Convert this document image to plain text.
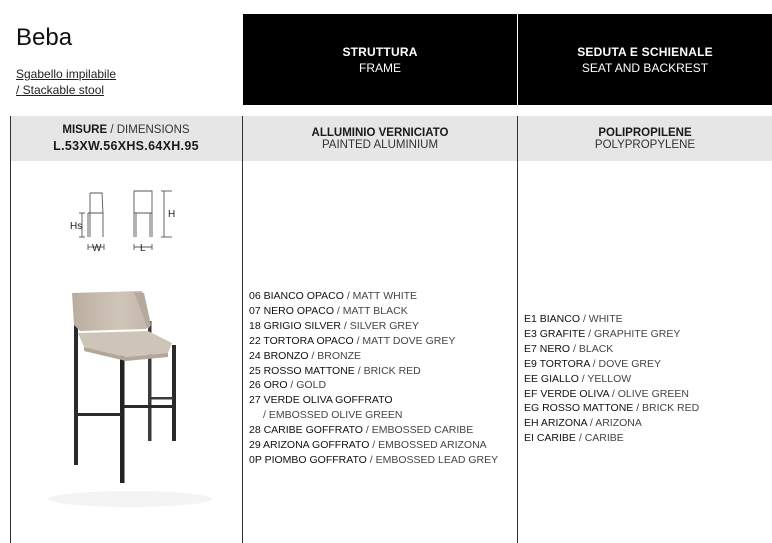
Beba
Sgabello impilabile
/ Stackable stool
STRUTTURA
FRAME
SEDUTA E SCHIENALE
SEAT AND BACKREST
MISURE / DIMENSIONS
L.53XW.56XHS.64XH.95
ALLUMINIO VERNICIATO
PAINTED ALUMINIUM
POLIPROPILENE
POLYPROPYLENE
Hs
H
W	L
06 BIANCO OPACO / MATT WHITE
07 NERO OPACO / MATT BLACK
18 GRIGIO SILVER / SILVER GREY
22 TORTORA OPACO / MATT DOVE GREY
24 BRONZO / BRONZE
25 ROSSO MATTONE / BRICK RED
26 ORO / GOLD
27 VERDE OLIVA GOFFRATO
/ EMBOSSED OLIVE GREEN
28 CARIBE GOFFRATO / EMBOSSED CARIBE
29 ARIZONA GOFFRATO / EMBOSSED ARIZONA
0P PIOMBO GOFFRATO / EMBOSSED LEAD GREY
E1 BIANCO / WHITE
E3 GRAFITE / GRAPHITE GREY
E7 NERO / BLACK
E9 TORTORA / DOVE GREY
EE GIALLO / YELLOW
EF VERDE OLIVA / OLIVE GREEN
EG ROSSO MATTONE / BRICK RED
EH ARIZONA / ARIZONA
EI CARIBE / CARIBE
